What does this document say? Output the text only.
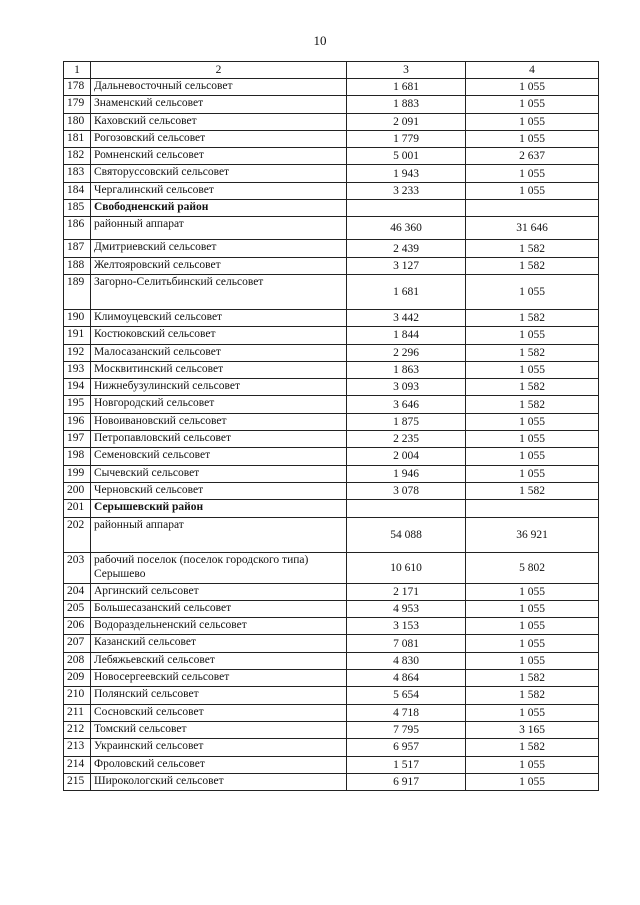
10
1	2	3	4
178	Дальневосточный сельсовет	1 681	1 055
179	Знаменский сельсовет	1 883	1 055
180	Каховский сельсовет	2 091	1 055
181	Рогозовский сельсовет	1 779	1 055
182	Ромненский сельсовет	5 001	2 637
183	Святоруссовский сельсовет	1 943	1 055
184	Чергалинский сельсовет	3 233	1 055
185	Свободненский район		
186	районный аппарат	46 360	31 646
187	Дмитриевский сельсовет	2 439	1 582
188	Желтояровский сельсовет	3 127	1 582
189	Загорно-Селитьбинский сельсовет	1 681	1 055
190	Климоуцевский сельсовет	3 442	1 582
191	Костюковский сельсовет	1 844	1 055
192	Малосазанский сельсовет	2 296	1 582
193	Москвитинский сельсовет	1 863	1 055
194	Нижнебузулинский сельсовет	3 093	1 582
195	Новгородский сельсовет	3 646	1 582
196	Новоивановский сельсовет	1 875	1 055
197	Петропавловский сельсовет	2 235	1 055
198	Семеновский сельсовет	2 004	1 055
199	Сычевский сельсовет	1 946	1 055
200	Черновский сельсовет	3 078	1 582
201	Серышевский район		
202	районный аппарат	54 088	36 921
203	рабочий поселок (поселок городского типа) Серышево	10 610	5 802
204	Аргинский сельсовет	2 171	1 055
205	Большесазанский сельсовет	4 953	1 055
206	Водораздельненский сельсовет	3 153	1 055
207	Казанский сельсовет	7 081	1 055
208	Лебяжьевский сельсовет	4 830	1 055
209	Новосергеевский сельсовет	4 864	1 582
210	Полянский сельсовет	5 654	1 582
211	Сосновский сельсовет	4 718	1 055
212	Томский сельсовет	7 795	3 165
213	Украинский сельсовет	6 957	1 582
214	Фроловский сельсовет	1 517	1 055
215	Широкологский сельсовет	6 917	1 055
